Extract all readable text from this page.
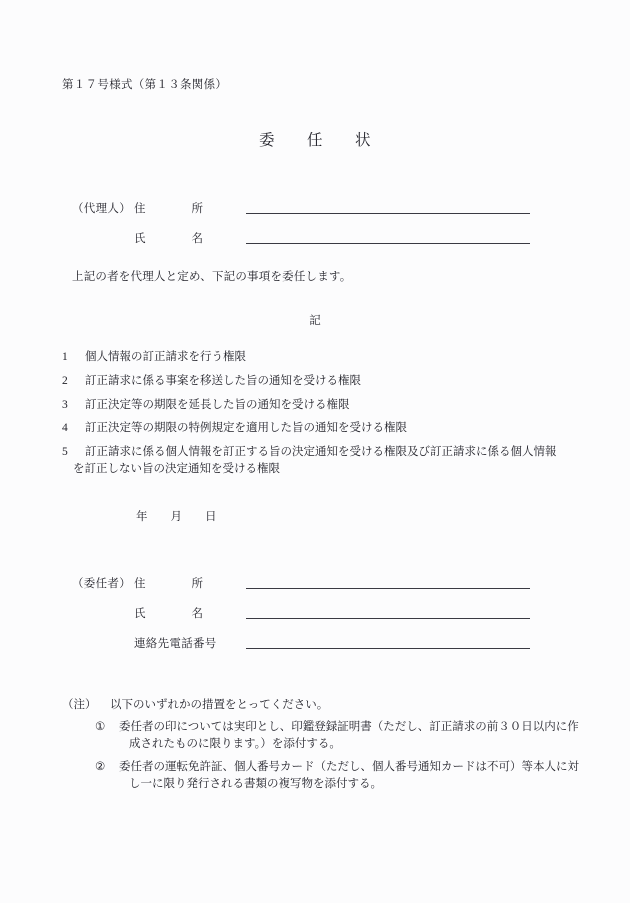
第１７号様式（第１３条関係）
委　　任　　状
（代理人） 住　　　　所
氏　　　　名
上記の者を代理人と定め、下記の事項を委任します。
記
1	個人情報の訂正請求を行う権限
2	訂正請求に係る事案を移送した旨の通知を受ける権限
3	訂正決定等の期限を延長した旨の通知を受ける権限
4	訂正決定等の期限の特例規定を適用した旨の通知を受ける権限
5	訂正請求に係る個人情報を訂正する旨の決定通知を受ける権限及び訂正請求に係る個人情報
を訂正しない旨の決定通知を受ける権限
年　　月　　日
（委任者） 住　　　　所
氏　　　　名
連絡先電話番号
（注） 以下のいずれかの措置をとってください。
①	委任者の印については実印とし、印鑑登録証明書（ただし、訂正請求の前３０日以内に作
成されたものに限ります。）を添付する。
②	委任者の運転免許証、個人番号カード（ただし、個人番号通知カードは不可）等本人に対
し一に限り発行される書類の複写物を添付する。
